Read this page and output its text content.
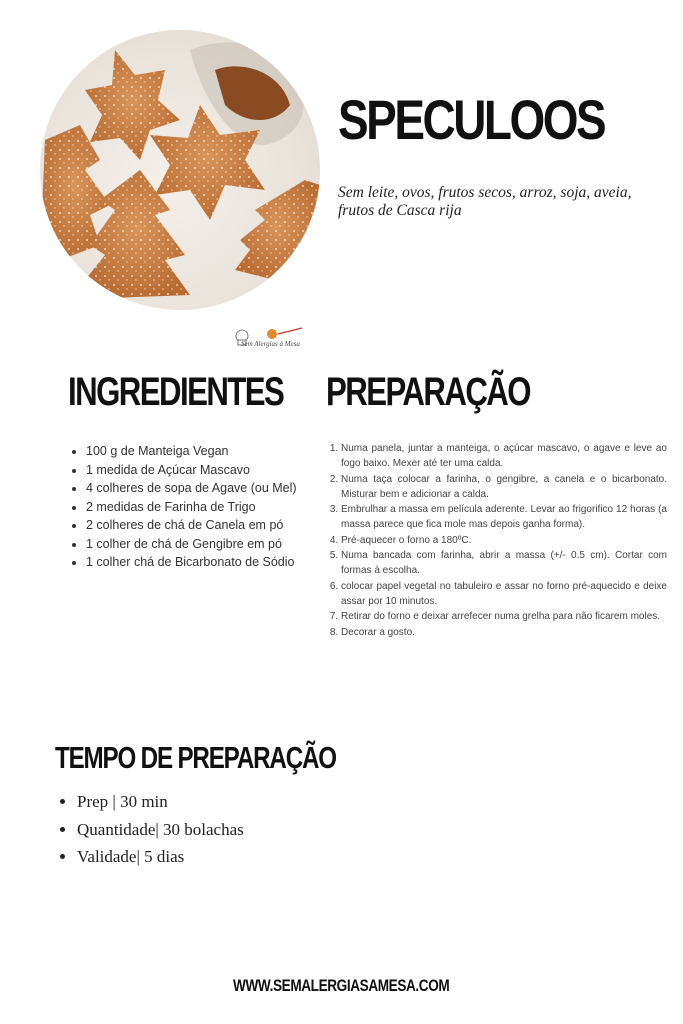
SPECULOOS

Sem leite, ovos, frutos secos, arroz, soja, aveia, frutos de Casca rija

Sem Alergias à Mesa
INGREDIENTES PREPARAÇÃO
• 100 g de Manteiga Vegan
• 1 medida de Açúcar Mascavo
• 4 colheres de sopa de Agave (ou Mel)
• 2 medidas de Farinha de Trigo
• 2 colheres de chá de Canela em pó
• 1 colher de chá de Gengibre em pó
• 1 colher chá de Bicarbonato de Sódio
1. Numa panela, juntar a manteiga, o açúcar mascavo, o agave e leve ao fogo baixo. Mexer até ter uma calda.
2. Numa taça colocar a farinha, o gengibre, a canela e o bicarbonato. Misturar bem e adicionar a calda.
3. Embrulhar a massa em película aderente. Levar ao frigorifico 12 horas (a massa parece que fica mole mas depois ganha forma).
4. Pré-aquecer o forno a 180ºC.
5. Numa bancada com farinha, abrir a massa (+/- 0.5 cm). Cortar com formas à escolha.
6. colocar papel vegetal no tabuleiro e assar no forno pré-aquecido e deixe assar por 10 minutos.
7. Retirar do forno e deixar arrefecer numa grelha para não ficarem moles.
8. Decorar a gosto.
TEMPO DE PREPARAÇÃO
• Prep | 30 min
• Quantidade| 30 bolachas
• Validade| 5 dias
WWW.SEMALERGIASAMESA.COM
